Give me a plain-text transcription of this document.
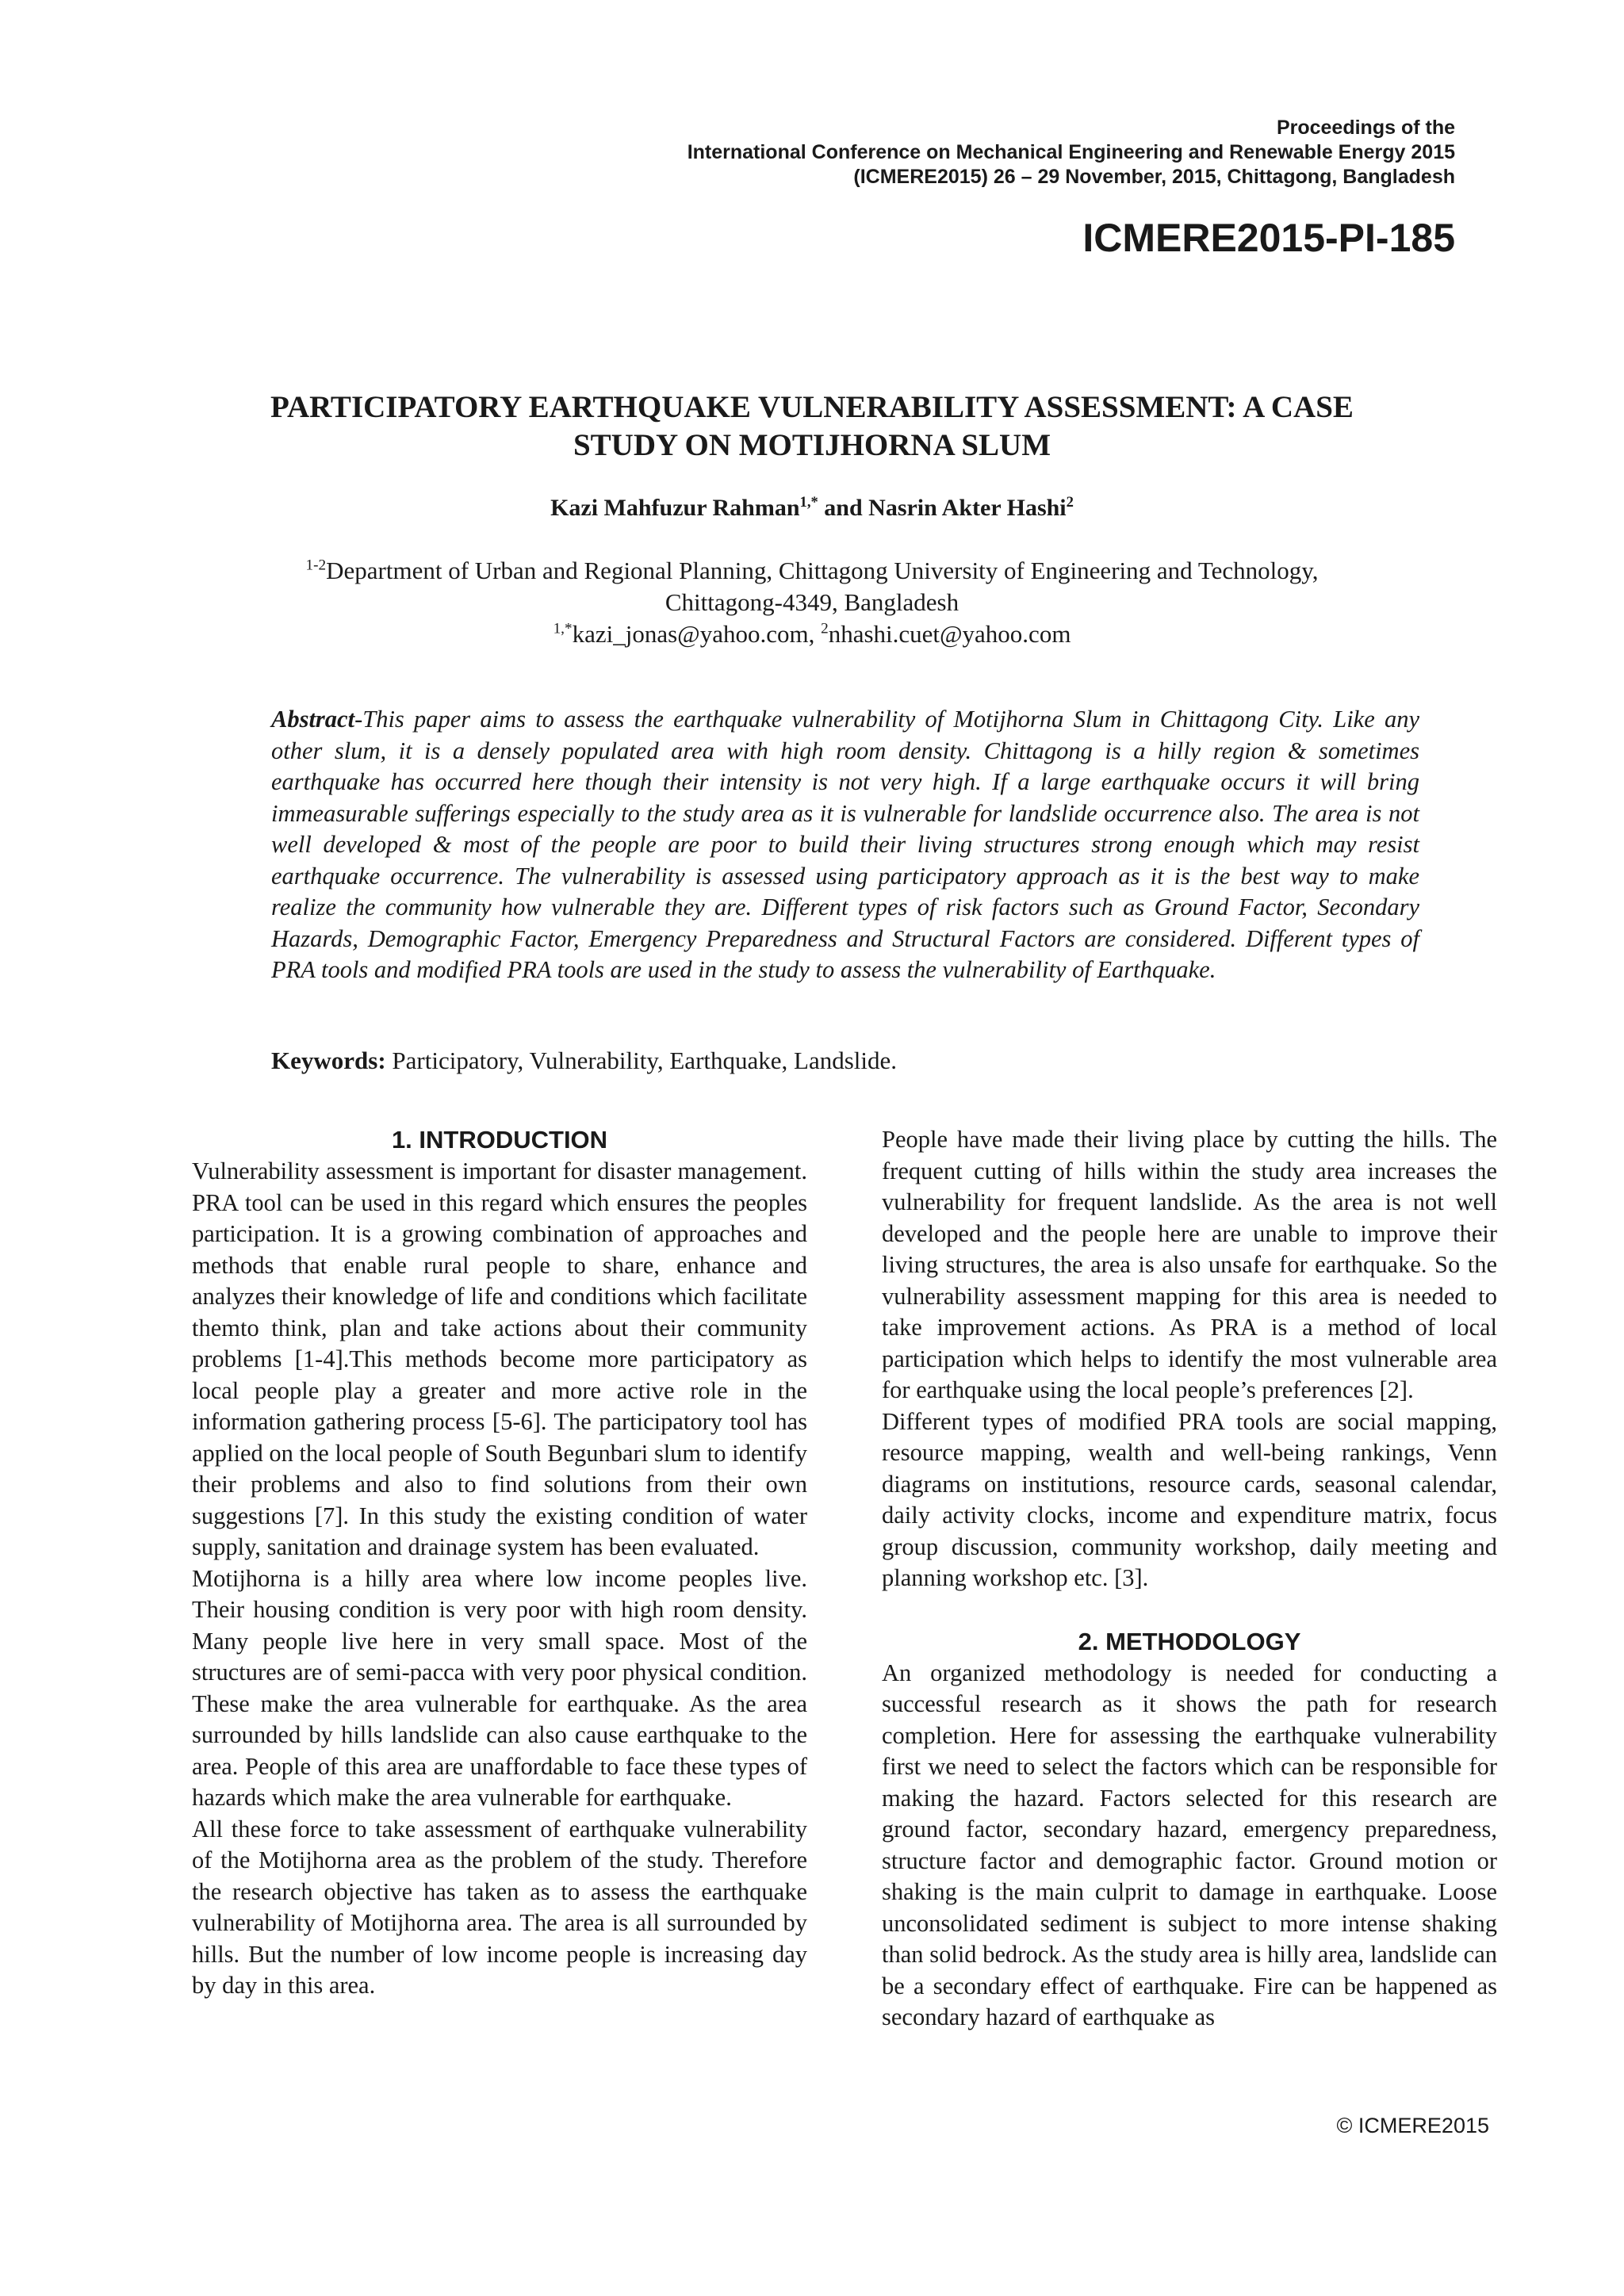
Proceedings of the
International Conference on Mechanical Engineering and Renewable Energy 2015
(ICMERE2015) 26 – 29 November, 2015, Chittagong, Bangladesh
ICMERE2015-PI-185
PARTICIPATORY EARTHQUAKE VULNERABILITY ASSESSMENT: A CASE
STUDY ON MOTIJHORNA SLUM
Kazi Mahfuzur Rahman$^{1,*}$ and Nasrin Akter Hashi$^2$
$^{1-2}$Department of Urban and Regional Planning, Chittagong University of Engineering and Technology,
Chittagong-4349, Bangladesh
$^{1,*}$kazi_jonas@yahoo.com, $^2$nhashi.cuet@yahoo.com

Abstract-This paper aims to assess the earthquake vulnerability of Motijhorna Slum in Chittagong City. Like any other slum, it is a densely populated area with high room density. Chittagong is a hilly region & sometimes earthquake has occurred here though their intensity is not very high. If a large earthquake occurs it will bring immeasurable sufferings especially to the study area as it is vulnerable for landslide occurrence also. The area is not well developed & most of the people are poor to build their living structures strong enough which may resist earthquake occurrence. The vulnerability is assessed using participatory approach as it is the best way to make realize the community how vulnerable they are. Different types of risk factors such as Ground Factor, Secondary Hazards, Demographic Factor, Emergency Preparedness and Structural Factors are considered. Different types of PRA tools and modified PRA tools are used in the study to assess the vulnerability of Earthquake.

Keywords: Participatory, Vulnerability, Earthquake, Landslide.

1. INTRODUCTION

Vulnerability assessment is important for disaster management. PRA tool can be used in this regard which ensures the peoples participation. It is a growing combination of approaches and methods that enable rural people to share, enhance and analyzes their knowledge of life and conditions which facilitate themto think, plan and take actions about their community problems [1-4].This methods become more participatory as local people play a greater and more active role in the information gathering process [5-6]. The participatory tool has applied on the local people of South Begunbari slum to identify their problems and also to find solutions from their own suggestions [7]. In this study the existing condition of water supply, sanitation and drainage system has been evaluated.

Motijhorna is a hilly area where low income peoples live. Their housing condition is very poor with high room density. Many people live here in very small space. Most of the structures are of semi-pacca with very poor physical condition. These make the area vulnerable for earthquake. As the area surrounded by hills landslide can also cause earthquake to the area. People of this area are unaffordable to face these types of hazards which make the area vulnerable for earthquake.

All these force to take assessment of earthquake vulnerability of the Motijhorna area as the problem of the study. Therefore the research objective has taken as to assess the earthquake vulnerability of Motijhorna area. The area is all surrounded by hills. But the number of low income people is increasing day by day in this area.

People have made their living place by cutting the hills. The frequent cutting of hills within the study area increases the vulnerability for frequent landslide. As the area is not well developed and the people here are unable to improve their living structures, the area is also unsafe for earthquake. So the vulnerability assessment mapping for this area is needed to take improvement actions. As PRA is a method of local participation which helps to identify the most vulnerable area for earthquake using the local people’s preferences [2].

Different types of modified PRA tools are social mapping, resource mapping, wealth and well-being rankings, Venn diagrams on institutions, resource cards, seasonal calendar, daily activity clocks, income and expenditure matrix, focus group discussion, community workshop, daily meeting and planning workshop etc. [3].

2. METHODOLOGY

An organized methodology is needed for conducting a successful research as it shows the path for research completion. Here for assessing the earthquake vulnerability first we need to select the factors which can be responsible for making the hazard. Factors selected for this research are ground factor, secondary hazard, emergency preparedness, structure factor and demographic factor. Ground motion or shaking is the main culprit to damage in earthquake. Loose unconsolidated sediment is subject to more intense shaking than solid bedrock. As the study area is hilly area, landslide can be a secondary effect of earthquake. Fire can be happened as secondary hazard of earthquake as

© ICMERE2015
